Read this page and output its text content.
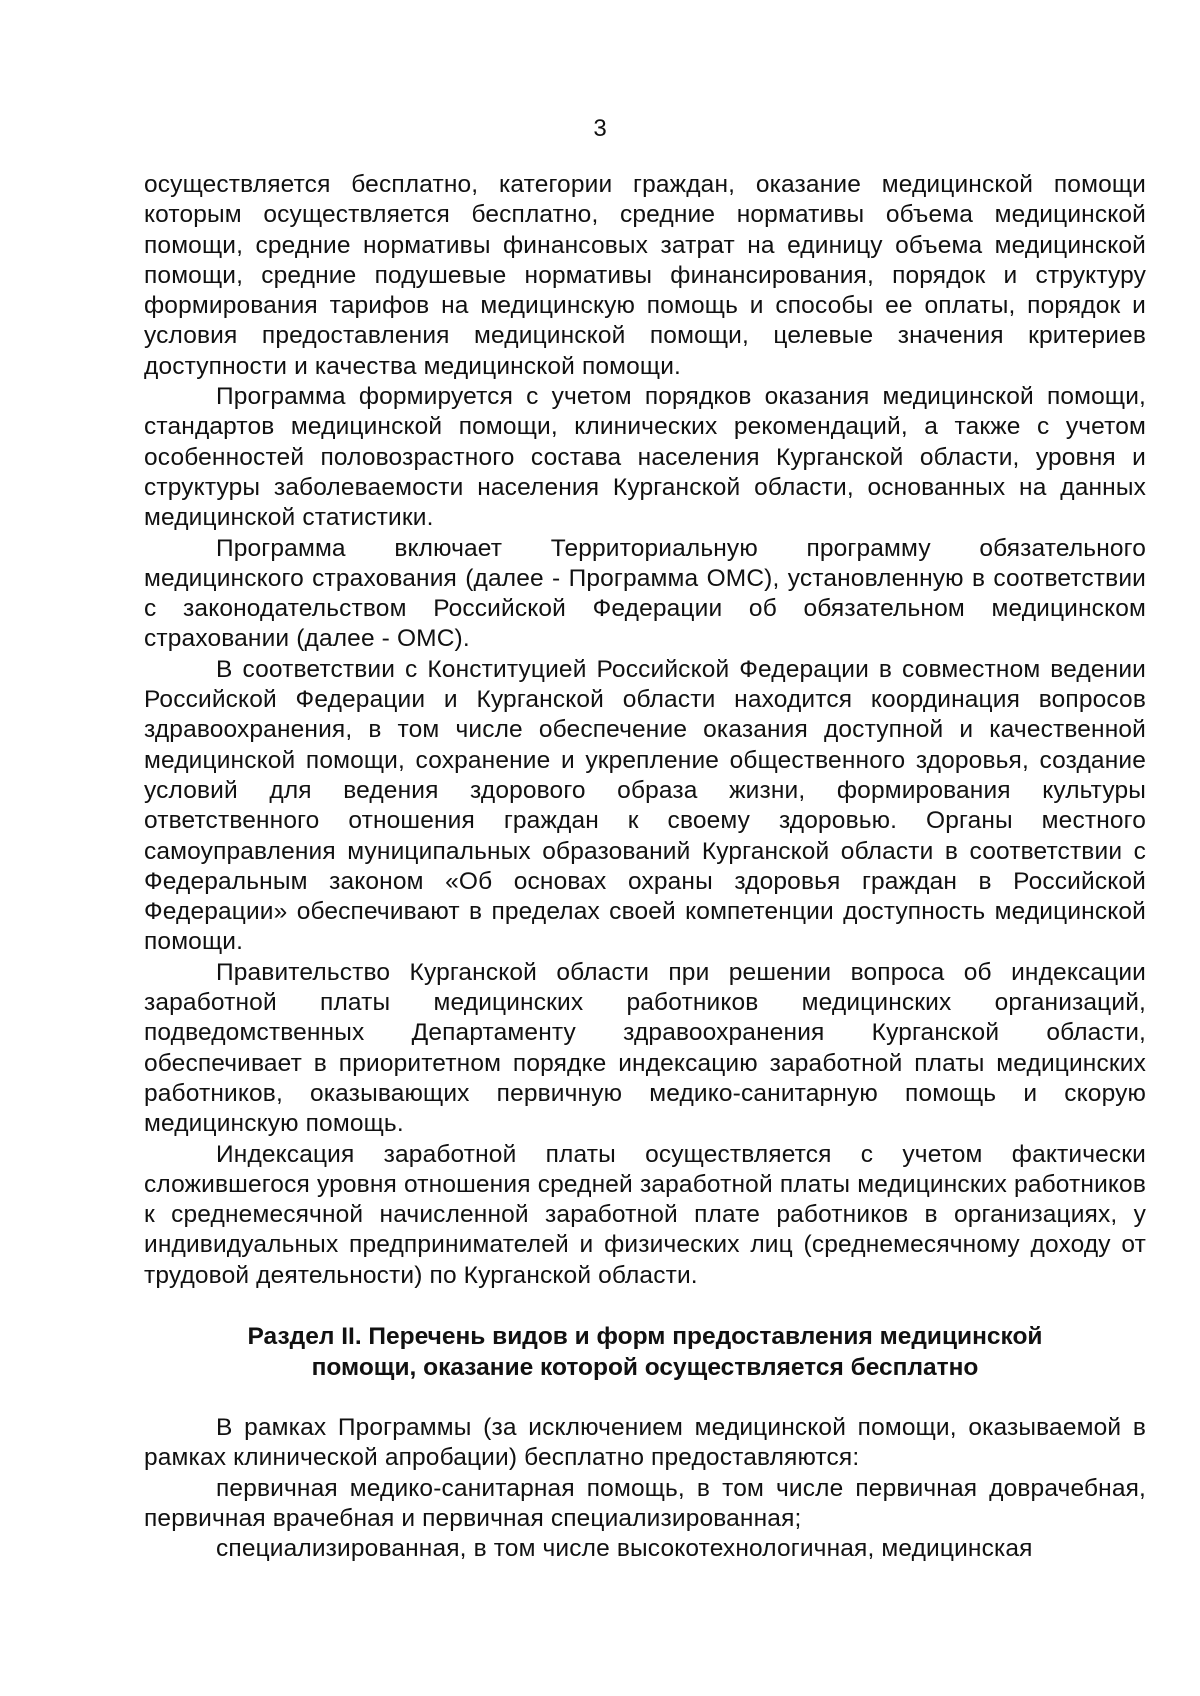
3

осуществляется бесплатно, категории граждан, оказание медицинской помощи которым осуществляется бесплатно, средние нормативы объема медицинской помощи, средние нормативы финансовых затрат на единицу объема медицинской помощи, средние подушевые нормативы финансирования, порядок и структуру формирования тарифов на медицинскую помощь и способы ее оплаты, порядок и условия предоставления медицинской помощи, целевые значения критериев доступности и качества медицинской помощи.

Программа формируется с учетом порядков оказания медицинской помощи, стандартов медицинской помощи, клинических рекомендаций, а также с учетом особенностей половозрастного состава населения Курганской области, уровня и структуры заболеваемости населения Курганской области, основанных на данных медицинской статистики.

Программа включает Территориальную программу обязательного медицинского страхования (далее - Программа ОМС), установленную в соответствии с законодательством Российской Федерации об обязательном медицинском страховании (далее - ОМС).

В соответствии с Конституцией Российской Федерации в совместном ведении Российской Федерации и Курганской области находится координация вопросов здравоохранения, в том числе обеспечение оказания доступной и качественной медицинской помощи, сохранение и укрепление общественного здоровья, создание условий для ведения здорового образа жизни, формирования культуры ответственного отношения граждан к своему здоровью. Органы местного самоуправления муниципальных образований Курганской области в соответствии с Федеральным законом «Об основах охраны здоровья граждан в Российской Федерации» обеспечивают в пределах своей компетенции доступность медицинской помощи.

Правительство Курганской области при решении вопроса об индексации заработной платы медицинских работников медицинских организаций, подведомственных Департаменту здравоохранения Курганской области, обеспечивает в приоритетном порядке индексацию заработной платы медицинских работников, оказывающих первичную медико-санитарную помощь и скорую медицинскую помощь.

Индексация заработной платы осуществляется с учетом фактически сложившегося уровня отношения средней заработной платы медицинских работников к среднемесячной начисленной заработной плате работников в организациях, у индивидуальных предпринимателей и физических лиц (среднемесячному доходу от трудовой деятельности) по Курганской области.

Раздел II. Перечень видов и форм предоставления медицинской
помощи, оказание которой осуществляется бесплатно

В рамках Программы (за исключением медицинской помощи, оказываемой в рамках клинической апробации) бесплатно предоставляются:

первичная медико-санитарная помощь, в том числе первичная доврачебная, первичная врачебная и первичная специализированная;

специализированная, в том числе высокотехнологичная, медицинская
